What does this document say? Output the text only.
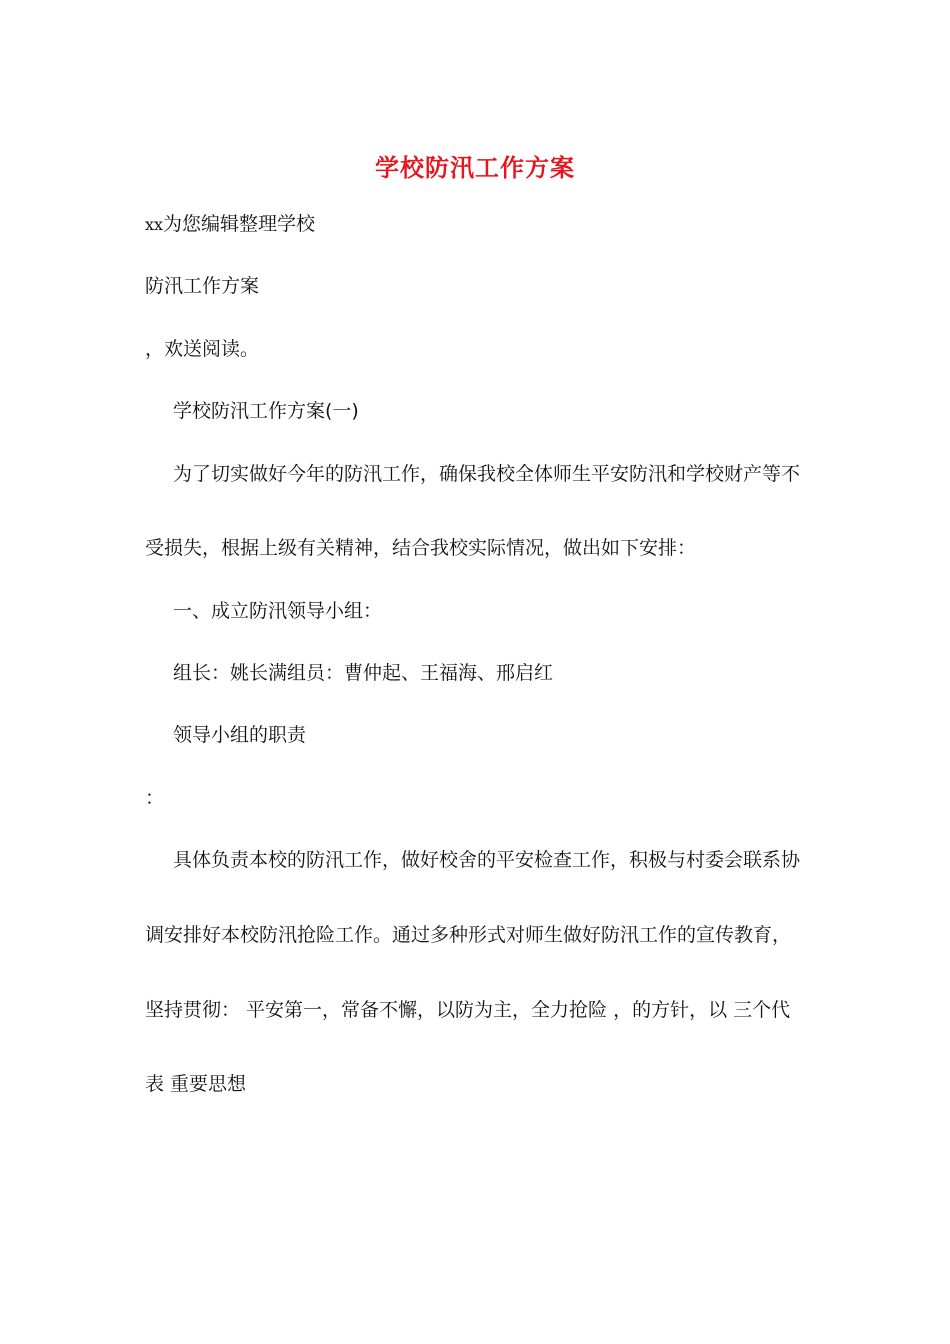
学校防汛工作方案
xx为您编辑整理学校
防汛工作方案
，欢送阅读。
学校防汛工作方案(一)
为了切实做好今年的防汛工作，确保我校全体师生平安防汛和学校财产等不
受损失，根据上级有关精神，结合我校实际情况，做出如下安排：
一、成立防汛领导小组：
组长：姚长满组员：曹仲起、王福海、邢启红
领导小组的职责
：
具体负责本校的防汛工作，做好校舍的平安检查工作，积极与村委会联系协
调安排好本校防汛抢险工作。通过多种形式对师生做好防汛工作的宣传教育，
坚持贯彻： 平安第一，常备不懈，以防为主，全力抢险 ，的方针，以 三个代
表 重要思想
